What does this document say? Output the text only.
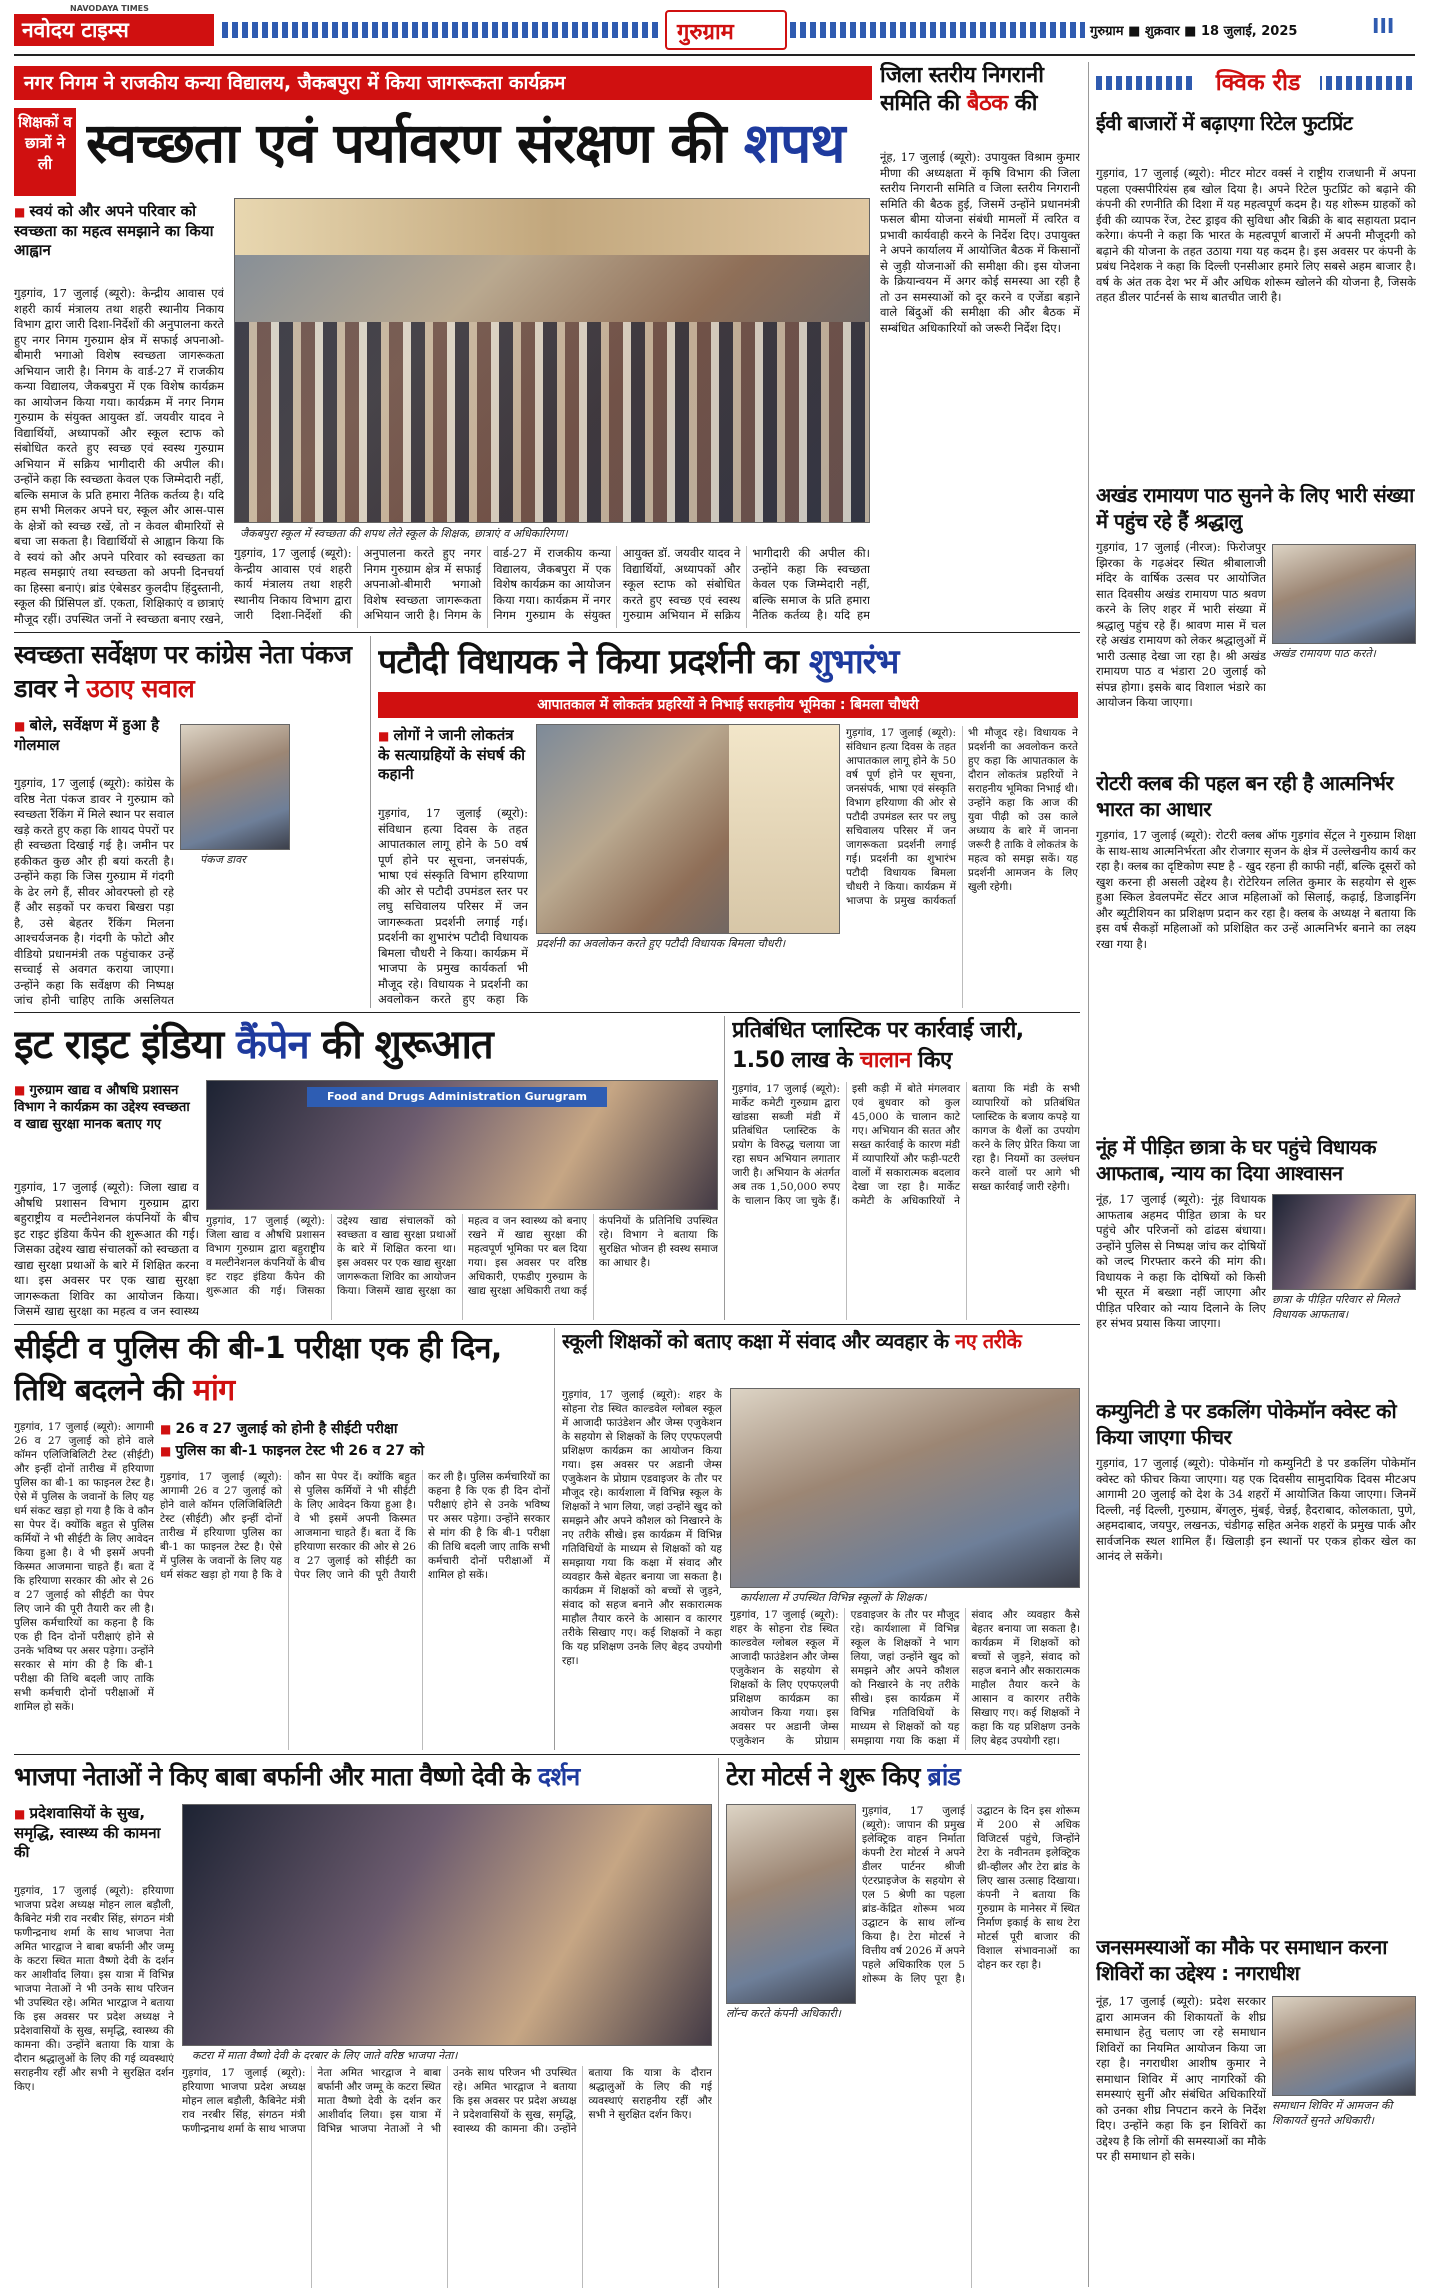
NAVODAYA TIMES
नवोदय टाइम्स	गुरुग्राम	गुरुग्राम ■ शुक्रवार ■ 18 जुलाई, 2025	III
नगर निगम ने राजकीय कन्या विद्यालय, जैकबपुरा में किया जागरूकता कार्यक्रम
शिक्षकों व छात्रों ने ली स्वच्छता एवं पर्यावरण संरक्षण की शपथ
■ स्वयं को और अपने परिवार को स्वच्छता का महत्व समझाने का किया आह्वान
जैकबपुरा स्कूल में स्वच्छता की शपथ लेते स्कूल के शिक्षक, छात्राएं व अधिकारिगण।
गुड़गांव, 17 जुलाई (ब्यूरो): केन्द्रीय आवास एवं शहरी कार्य मंत्रालय तथा शहरी स्थानीय निकाय विभाग द्वारा जारी दिशा-निर्देशों की अनुपालना करते हुए नगर निगम गुरुग्राम क्षेत्र में सफाई अपनाओ-बीमारी भगाओ विशेष स्वच्छता जागरूकता अभियान जारी है। निगम के वार्ड-27 में राजकीय कन्या विद्यालय, जैकबपुरा में एक विशेष कार्यक्रम का आयोजन किया गया। कार्यक्रम में नगर निगम गुरुग्राम के संयुक्त आयुक्त डॉ. जयवीर यादव ने विद्यार्थियों, अध्यापकों और स्कूल स्टाफ को संबोधित करते हुए स्वच्छ एवं स्वस्थ गुरुग्राम अभियान में सक्रिय भागीदारी की अपील की। उन्होंने कहा कि स्वच्छता केवल एक जिम्मेदारी नहीं, बल्कि समाज के प्रति हमारा नैतिक कर्तव्य है। यदि हम सभी मिलकर अपने घर, स्कूल और आस-पास के क्षेत्रों को स्वच्छ रखें, तो न केवल बीमारियों से बचा जा सकता है। विद्यार्थियों से आह्वान किया कि वे स्वयं को और अपने परिवार को स्वच्छता का महत्व समझाएं तथा स्वच्छता को अपनी दिनचर्या का हिस्सा बनाएं। ब्रांड एंबेसडर कुलदीप हिंदुस्तानी, स्कूल की प्रिंसिपल डॉ. एकता, शिक्षिकाएं व छात्राएं मौजूद रहीं। उपस्थित जनों ने स्वच्छता बनाए रखने,
गुड़गांव, 17 जुलाई (ब्यूरो): केन्द्रीय आवास एवं शहरी कार्य मंत्रालय तथा शहरी स्थानीय निकाय विभाग द्वारा जारी दिशा-निर्देशों की अनुपालना करते हुए नगर निगम गुरुग्राम क्षेत्र में सफाई अपनाओ-बीमारी भगाओ विशेष स्वच्छता जागरूकता अभियान जारी है। निगम के वार्ड-27 में राजकीय कन्या विद्यालय, जैकबपुरा में एक विशेष कार्यक्रम का आयोजन किया गया। कार्यक्रम में नगर निगम गुरुग्राम के संयुक्त आयुक्त डॉ. जयवीर यादव ने विद्यार्थियों, अध्यापकों और स्कूल स्टाफ को संबोधित करते हुए स्वच्छ एवं स्वस्थ गुरुग्राम अभियान में सक्रिय भागीदारी की अपील की। उन्होंने कहा कि स्वच्छता केवल एक जिम्मेदारी नहीं, बल्कि समाज के प्रति हमारा नैतिक कर्तव्य है। यदि हम
जिला स्तरीय निगरानी समिति की बैठक की
नूंह, 17 जुलाई (ब्यूरो): उपायुक्त विश्राम कुमार मीणा की अध्यक्षता में कृषि विभाग की जिला स्तरीय निगरानी समिति व जिला स्तरीय निगरानी समिति की बैठक हुई, जिसमें उन्होंने प्रधानमंत्री फसल बीमा योजना संबंधी मामलों में त्वरित व प्रभावी कार्यवाही करने के निर्देश दिए। उपायुक्त ने अपने कार्यालय में आयोजित बैठक में किसानों से जुड़ी योजनाओं की समीक्षा की। इस योजना के क्रियान्वयन में अगर कोई समस्या आ रही है तो उन समस्याओं को दूर करने व एजेंडा बड़ाने वाले बिंदुओं की समीक्षा की और बैठक में सम्बंधित अधिकारियों को जरूरी निर्देश दिए।
क्विक रीड
ईवी बाजारों में बढ़ाएगा रिटेल फुटप्रिंट
गुड़गांव, 17 जुलाई (ब्यूरो): मीटर मोटर वर्क्स ने राष्ट्रीय राजधानी में अपना पहला एक्सपीरियंस हब खोल दिया है। अपने रिटेल फुटप्रिंट को बढ़ाने की कंपनी की रणनीति की दिशा में यह महत्वपूर्ण कदम है। यह शोरूम ग्राहकों को ईवी की व्यापक रेंज, टेस्ट ड्राइव की सुविधा और बिक्री के बाद सहायता प्रदान करेगा। कंपनी ने कहा कि भारत के महत्वपूर्ण बाजारों में अपनी मौजूदगी को बढ़ाने की योजना के तहत उठाया गया यह कदम है। इस अवसर पर कंपनी के प्रबंध निदेशक ने कहा कि दिल्ली एनसीआर हमारे लिए सबसे अहम बाजार है। वर्ष के अंत तक देश भर में और अधिक शोरूम खोलने की योजना है, जिसके तहत डीलर पार्टनर्स के साथ बातचीत जारी है।
अखंड रामायण पाठ सुनने के लिए भारी संख्या में पहुंच रहे हैं श्रद्धालु
गुड़गांव, 17 जुलाई (नीरज): फिरोजपुर झिरका के गढ़अंदर स्थित श्रीबालाजी मंदिर के वार्षिक उत्सव पर आयोजित सात दिवसीय अखंड रामायण पाठ श्रवण करने के लिए शहर में भारी संख्या में श्रद्धालु पहुंच रहे हैं। श्रावण मास में चल रहे अखंड रामायण को लेकर श्रद्धालुओं में भारी उत्साह देखा जा रहा है। श्री अखंड रामायण पाठ व भंडारा 20 जुलाई को संपन्न होगा। इसके बाद विशाल भंडारे का आयोजन किया जाएगा।
अखंड रामायण पाठ करते।
रोटरी क्लब की पहल बन रही है आत्मनिर्भर भारत का आधार
गुड़गांव, 17 जुलाई (ब्यूरो): रोटरी क्लब ऑफ गुड़गांव सेंट्रल ने गुरुग्राम शिक्षा के साथ-साथ आत्मनिर्भरता और रोजगार सृजन के क्षेत्र में उल्लेखनीय कार्य कर रहा है। क्लब का दृष्टिकोण स्पष्ट है - खुद रहना ही काफी नहीं, बल्कि दूसरों को खुश करना ही असली उद्देश्य है। रोटेरियन ललित कुमार के सहयोग से शुरू हुआ स्किल डेवलपमेंट सेंटर आज महिलाओं को सिलाई, कढ़ाई, डिजाइनिंग और ब्यूटीशियन का प्रशिक्षण प्रदान कर रहा है। क्लब के अध्यक्ष ने बताया कि इस वर्ष सैकड़ों महिलाओं को प्रशिक्षित कर उन्हें आत्मनिर्भर बनाने का लक्ष्य रखा गया है।
नूंह में पीड़ित छात्रा के घर पहुंचे विधायक आफताब, न्याय का दिया आश्वासन
नूंह, 17 जुलाई (ब्यूरो): नूंह विधायक आफताब अहमद पीड़ित छात्रा के घर पहुंचे और परिजनों को ढांढस बंधाया। उन्होंने पुलिस से निष्पक्ष जांच कर दोषियों को जल्द गिरफ्तार करने की मांग की। विधायक ने कहा कि दोषियों को किसी भी सूरत में बख्शा नहीं जाएगा और पीड़ित परिवार को न्याय दिलाने के लिए हर संभव प्रयास किया जाएगा।
छात्रा के पीड़ित परिवार से मिलते विधायक आफताब।
कम्युनिटी डे पर डकलिंग पोकेमॉन क्वेस्ट को किया जाएगा फीचर
गुड़गांव, 17 जुलाई (ब्यूरो): पोकेमॉन गो कम्युनिटी डे पर डकलिंग पोकेमॉन क्वेस्ट को फीचर किया जाएगा। यह एक दिवसीय सामुदायिक दिवस मीटअप आगामी 20 जुलाई को देश के 34 शहरों में आयोजित किया जाएगा। जिनमें दिल्ली, नई दिल्ली, गुरुग्राम, बेंगलुरु, मुंबई, चेन्नई, हैदराबाद, कोलकाता, पुणे, अहमदाबाद, जयपुर, लखनऊ, चंडीगढ़ सहित अनेक शहरों के प्रमुख पार्क और सार्वजनिक स्थल शामिल हैं। खिलाड़ी इन स्थानों पर एकत्र होकर खेल का आनंद ले सकेंगे।
जनसमस्याओं का मौके पर समाधान करना शिविरों का उद्देश्य : नगराधीश
नूंह, 17 जुलाई (ब्यूरो): प्रदेश सरकार द्वारा आमजन की शिकायतों के शीघ्र समाधान हेतु चलाए जा रहे समाधान शिविरों का नियमित आयोजन किया जा रहा है। नगराधीश आशीष कुमार ने समाधान शिविर में आए नागरिकों की समस्याएं सुनीं और संबंधित अधिकारियों को उनका शीघ्र निपटान करने के निर्देश दिए। उन्होंने कहा कि इन शिविरों का उद्देश्य है कि लोगों की समस्याओं का मौके पर ही समाधान हो सके।
समाधान शिविर में आमजन की शिकायतें सुनते अधिकारी।
स्वच्छता सर्वेक्षण पर कांग्रेस नेता पंकज डावर ने उठाए सवाल
■ बोले, सर्वेक्षण में हुआ है गोलमाल
पंकज डावर
गुड़गांव, 17 जुलाई (ब्यूरो): कांग्रेस के वरिष्ठ नेता पंकज डावर ने गुरुग्राम को स्वच्छता रैंकिंग में मिले स्थान पर सवाल खड़े करते हुए कहा कि शायद पेपरों पर ही स्वच्छता दिखाई गई है। जमीन पर हकीकत कुछ और ही बयां करती है। उन्होंने कहा कि जिस गुरुग्राम में गंदगी के ढेर लगे हैं, सीवर ओवरफ्लो हो रहे हैं और सड़कों पर कचरा बिखरा पड़ा है, उसे बेहतर रैंकिंग मिलना आश्चर्यजनक है। गंदगी के फोटो और वीडियो प्रधानमंत्री तक पहुंचाकर उन्हें सच्चाई से अवगत कराया जाएगा। उन्होंने कहा कि सर्वेक्षण की निष्पक्ष जांच होनी चाहिए ताकि असलियत
पटौदी विधायक ने किया प्रदर्शनी का शुभारंभ
आपातकाल में लोकतंत्र प्रहरियों ने निभाई सराहनीय भूमिका : बिमला चौधरी
■ लोगों ने जानी लोकतंत्र के सत्याग्रहियों के संघर्ष की कहानी
गुड़गांव, 17 जुलाई (ब्यूरो): संविधान हत्या दिवस के तहत आपातकाल लागू होने के 50 वर्ष पूर्ण होने पर सूचना, जनसंपर्क, भाषा एवं संस्कृति विभाग हरियाणा की ओर से पटौदी उपमंडल स्तर पर लघु सचिवालय परिसर में जन जागरूकता प्रदर्शनी लगाई गई। प्रदर्शनी का शुभारंभ पटौदी विधायक बिमला चौधरी ने किया। कार्यक्रम में भाजपा के प्रमुख कार्यकर्ता भी मौजूद रहे। विधायक ने प्रदर्शनी का अवलोकन करते हुए कहा कि
प्रदर्शनी का अवलोकन करते हुए पटौदी विधायक बिमला चौधरी।
गुड़गांव, 17 जुलाई (ब्यूरो): संविधान हत्या दिवस के तहत आपातकाल लागू होने के 50 वर्ष पूर्ण होने पर सूचना, जनसंपर्क, भाषा एवं संस्कृति विभाग हरियाणा की ओर से पटौदी उपमंडल स्तर पर लघु सचिवालय परिसर में जन जागरूकता प्रदर्शनी लगाई गई। प्रदर्शनी का शुभारंभ पटौदी विधायक बिमला चौधरी ने किया। कार्यक्रम में भाजपा के प्रमुख कार्यकर्ता भी मौजूद रहे। विधायक ने प्रदर्शनी का अवलोकन करते हुए कहा कि आपातकाल के दौरान लोकतंत्र प्रहरियों ने सराहनीय भूमिका निभाई थी। उन्होंने कहा कि आज की युवा पीढ़ी को उस काले अध्याय के बारे में जानना जरूरी है ताकि वे लोकतंत्र के महत्व को समझ सकें। यह प्रदर्शनी आमजन के लिए खुली रहेगी।
इट राइट इंडिया कैंपेन की शुरूआत
■ गुरुग्राम खाद्य व औषधि प्रशासन विभाग ने कार्यक्रम का उद्देश्य स्वच्छता व खाद्य सुरक्षा मानक बताए गए
गुड़गांव, 17 जुलाई (ब्यूरो): जिला खाद्य व औषधि प्रशासन विभाग गुरुग्राम द्वारा बहुराष्ट्रीय व मल्टीनेशनल कंपनियों के बीच इट राइट इंडिया कैंपेन की शुरूआत की गई। जिसका उद्देश्य खाद्य संचालकों को स्वच्छता व खाद्य सुरक्षा प्रथाओं के बारे में शिक्षित करना था। इस अवसर पर एक खाद्य सुरक्षा जागरूकता शिविर का आयोजन किया। जिसमें खाद्य सुरक्षा का महत्व व जन स्वास्थ्य
Food and Drugs Administration Gurugram
गुड़गांव, 17 जुलाई (ब्यूरो): जिला खाद्य व औषधि प्रशासन विभाग गुरुग्राम द्वारा बहुराष्ट्रीय व मल्टीनेशनल कंपनियों के बीच इट राइट इंडिया कैंपेन की शुरूआत की गई। जिसका उद्देश्य खाद्य संचालकों को स्वच्छता व खाद्य सुरक्षा प्रथाओं के बारे में शिक्षित करना था। इस अवसर पर एक खाद्य सुरक्षा जागरूकता शिविर का आयोजन किया। जिसमें खाद्य सुरक्षा का महत्व व जन स्वास्थ्य को बनाए रखने में खाद्य सुरक्षा की महत्वपूर्ण भूमिका पर बल दिया गया। इस अवसर पर वरिष्ठ अधिकारी, एफडीए गुरुग्राम के खाद्य सुरक्षा अधिकारी तथा कई कंपनियों के प्रतिनिधि उपस्थित रहे। विभाग ने बताया कि सुरक्षित भोजन ही स्वस्थ समाज का आधार है।
प्रतिबंधित प्लास्टिक पर कार्रवाई जारी, 1.50 लाख के चालान किए
गुड़गांव, 17 जुलाई (ब्यूरो): मार्केट कमेटी गुरुग्राम द्वारा खांडसा सब्जी मंडी में प्रतिबंधित प्लास्टिक के प्रयोग के विरुद्ध चलाया जा रहा सघन अभियान लगातार जारी है। अभियान के अंतर्गत अब तक 1,50,000 रुपए के चालान किए जा चुके हैं। इसी कड़ी में बोते मंगलवार एवं बुधवार को कुल 45,000 के चालान काटे गए। अभियान की सतत और सख्त कार्रवाई के कारण मंडी में व्यापारियों और फड़ी-पटरी वालों में सकारात्मक बदलाव देखा जा रहा है। मार्केट कमेटी के अधिकारियों ने बताया कि मंडी के सभी व्यापारियों को प्रतिबंधित प्लास्टिक के बजाय कपड़े या कागज के थैलों का उपयोग करने के लिए प्रेरित किया जा रहा है। नियमों का उल्लंघन करने वालों पर आगे भी सख्त कार्रवाई जारी रहेगी।
सीईटी व पुलिस की बी-1 परीक्षा एक ही दिन, तिथि बदलने की मांग
■ 26 व 27 जुलाई को होनी है सीईटी परीक्षा
■ पुलिस का बी-1 फाइनल टेस्ट भी 26 व 27 को
गुड़गांव, 17 जुलाई (ब्यूरो): आगामी 26 व 27 जुलाई को होने वाले कॉमन एलिजिबिलिटी टेस्ट (सीईटी) और इन्हीं दोनों तारीख में हरियाणा पुलिस का बी-1 का फाइनल टेस्ट है। ऐसे में पुलिस के जवानों के लिए यह धर्म संकट खड़ा हो गया है कि वे कौन सा पेपर दें। क्योंकि बहुत से पुलिस कर्मियों ने भी सीईटी के लिए आवेदन किया हुआ है। वे भी इसमें अपनी किस्मत आजमाना चाहते हैं। बता दें कि हरियाणा सरकार की ओर से 26 व 27 जुलाई को सीईटी का पेपर लिए जाने की पूरी तैयारी कर ली है। पुलिस कर्मचारियों का कहना है कि एक ही दिन दोनों परीक्षाएं होने से उनके भविष्य पर असर पड़ेगा। उन्होंने सरकार से मांग की है कि बी-1 परीक्षा की तिथि बदली जाए ताकि सभी कर्मचारी दोनों परीक्षाओं में शामिल हो सकें।
गुड़गांव, 17 जुलाई (ब्यूरो): आगामी 26 व 27 जुलाई को होने वाले कॉमन एलिजिबिलिटी टेस्ट (सीईटी) और इन्हीं दोनों तारीख में हरियाणा पुलिस का बी-1 का फाइनल टेस्ट है। ऐसे में पुलिस के जवानों के लिए यह धर्म संकट खड़ा हो गया है कि वे कौन सा पेपर दें। क्योंकि बहुत से पुलिस कर्मियों ने भी सीईटी के लिए आवेदन किया हुआ है। वे भी इसमें अपनी किस्मत आजमाना चाहते हैं। बता दें कि हरियाणा सरकार की ओर से 26 व 27 जुलाई को सीईटी का पेपर लिए जाने की पूरी तैयारी कर ली है। पुलिस कर्मचारियों का कहना है कि एक ही दिन दोनों परीक्षाएं होने से उनके भविष्य पर असर पड़ेगा। उन्होंने सरकार से मांग की है कि बी-1 परीक्षा की तिथि बदली जाए ताकि सभी कर्मचारी दोनों परीक्षाओं में शामिल हो सकें।
स्कूली शिक्षकों को बताए कक्षा में संवाद और व्यवहार के नए तरीके
गुड़गांव, 17 जुलाई (ब्यूरो): शहर के सोहना रोड स्थित काल्डवेल ग्लोबल स्कूल में आजादी फाउंडेशन और जेम्स एजुकेशन के सहयोग से शिक्षकों के लिए एएफएलपी प्रशिक्षण कार्यक्रम का आयोजन किया गया। इस अवसर पर अडानी जेम्स एजुकेशन के प्रोग्राम एडवाइजर के तौर पर मौजूद रहे। कार्यशाला में विभिन्न स्कूल के शिक्षकों ने भाग लिया, जहां उन्होंने खुद को समझने और अपने कौशल को निखारने के नए तरीके सीखे। इस कार्यक्रम में विभिन्न गतिविधियों के माध्यम से शिक्षकों को यह समझाया गया कि कक्षा में संवाद और व्यवहार कैसे बेहतर बनाया जा सकता है। कार्यक्रम में शिक्षकों को बच्चों से जुड़ने, संवाद को सहज बनाने और सकारात्मक माहौल तैयार करने के आसान व कारगर तरीके सिखाए गए। कई शिक्षकों ने कहा कि यह प्रशिक्षण उनके लिए बेहद उपयोगी रहा।
कार्यशाला में उपस्थित विभिन्न स्कूलों के शिक्षक।
गुड़गांव, 17 जुलाई (ब्यूरो): शहर के सोहना रोड स्थित काल्डवेल ग्लोबल स्कूल में आजादी फाउंडेशन और जेम्स एजुकेशन के सहयोग से शिक्षकों के लिए एएफएलपी प्रशिक्षण कार्यक्रम का आयोजन किया गया। इस अवसर पर अडानी जेम्स एजुकेशन के प्रोग्राम एडवाइजर के तौर पर मौजूद रहे। कार्यशाला में विभिन्न स्कूल के शिक्षकों ने भाग लिया, जहां उन्होंने खुद को समझने और अपने कौशल को निखारने के नए तरीके सीखे। इस कार्यक्रम में विभिन्न गतिविधियों के माध्यम से शिक्षकों को यह समझाया गया कि कक्षा में संवाद और व्यवहार कैसे बेहतर बनाया जा सकता है। कार्यक्रम में शिक्षकों को बच्चों से जुड़ने, संवाद को सहज बनाने और सकारात्मक माहौल तैयार करने के आसान व कारगर तरीके सिखाए गए। कई शिक्षकों ने कहा कि यह प्रशिक्षण उनके लिए बेहद उपयोगी रहा।
भाजपा नेताओं ने किए बाबा बर्फानी और माता वैष्णो देवी के दर्शन
■ प्रदेशवासियों के सुख, समृद्धि, स्वास्थ्य की कामना की
गुड़गांव, 17 जुलाई (ब्यूरो): हरियाणा भाजपा प्रदेश अध्यक्ष मोहन लाल बड़ौली, कैबिनेट मंत्री राव नरबीर सिंह, संगठन मंत्री फणीन्द्रनाथ शर्मा के साथ भाजपा नेता अमित भारद्वाज ने बाबा बर्फानी और जम्मू के कटरा स्थित माता वैष्णो देवी के दर्शन कर आशीर्वाद लिया। इस यात्रा में विभिन्न भाजपा नेताओं ने भी उनके साथ परिजन भी उपस्थित रहे। अमित भारद्वाज ने बताया कि इस अवसर पर प्रदेश अध्यक्ष ने प्रदेशवासियों के सुख, समृद्धि, स्वास्थ्य की कामना की। उन्होंने बताया कि यात्रा के दौरान श्रद्धालुओं के लिए की गई व्यवस्थाएं सराहनीय रहीं और सभी ने सुरक्षित दर्शन किए।
कटरा में माता वैष्णो देवी के दरबार के लिए जाते वरिष्ठ भाजपा नेता।
गुड़गांव, 17 जुलाई (ब्यूरो): हरियाणा भाजपा प्रदेश अध्यक्ष मोहन लाल बड़ौली, कैबिनेट मंत्री राव नरबीर सिंह, संगठन मंत्री फणीन्द्रनाथ शर्मा के साथ भाजपा नेता अमित भारद्वाज ने बाबा बर्फानी और जम्मू के कटरा स्थित माता वैष्णो देवी के दर्शन कर आशीर्वाद लिया। इस यात्रा में विभिन्न भाजपा नेताओं ने भी उनके साथ परिजन भी उपस्थित रहे। अमित भारद्वाज ने बताया कि इस अवसर पर प्रदेश अध्यक्ष ने प्रदेशवासियों के सुख, समृद्धि, स्वास्थ्य की कामना की। उन्होंने बताया कि यात्रा के दौरान श्रद्धालुओं के लिए की गई व्यवस्थाएं सराहनीय रहीं और सभी ने सुरक्षित दर्शन किए।
टेरा मोटर्स ने शुरू किए ब्रांड
लॉन्च करते कंपनी अधिकारी।
गुड़गांव, 17 जुलाई (ब्यूरो): जापान की प्रमुख इलेक्ट्रिक वाहन निर्माता कंपनी टेरा मोटर्स ने अपने डीलर पार्टनर श्रीजी एंटरप्राइजेज के सहयोग से एल 5 श्रेणी का पहला ब्रांड-केंद्रित शोरूम भव्य उद्घाटन के साथ लॉन्च किया है। टेरा मोटर्स ने वित्तीय वर्ष 2026 में अपने पहले अधिकारिक एल 5 शोरूम के लिए पूरा है। उद्घाटन के दिन इस शोरूम में 200 से अधिक विजिटर्स पहुंचे, जिन्होंने टेरा के नवीनतम इलेक्ट्रिक थ्री-व्हीलर और टेरा ब्रांड के लिए खास उत्साह दिखाया। कंपनी ने बताया कि गुरुग्राम के मानेसर में स्थित निर्माण इकाई के साथ टेरा मोटर्स पूरी बाजार की विशाल संभावनाओं का दोहन कर रहा है।
